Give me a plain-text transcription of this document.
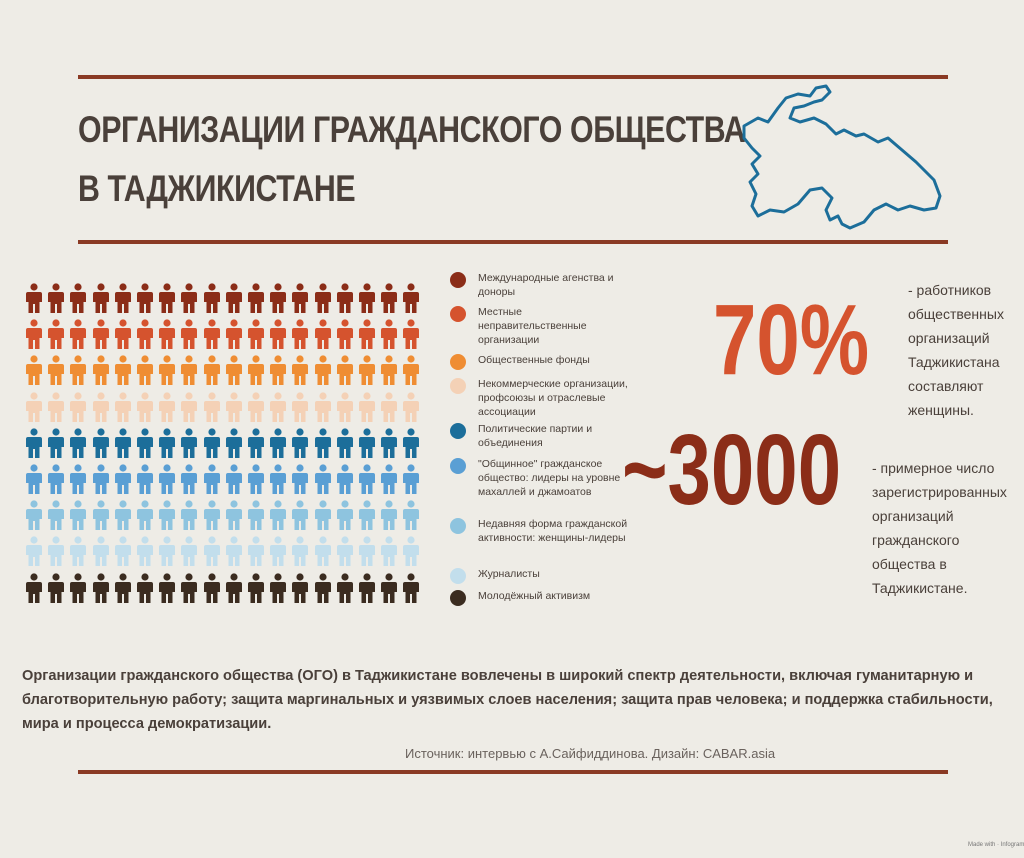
ОРГАНИЗАЦИИ ГРАЖДАНСКОГО ОБЩЕСТВА
В ТАДЖИКИСТАНЕ
Международные агенства и доноры
Местные неправительственные организации
Общественные фонды
Некоммерческие организации, профсоюзы и отраслевые ассоциации
Политические партии и объединения
"Общинное" гражданское общество: лидеры на уровне махаллей и джамоатов
Недавняя форма гражданской активности: женщины-лидеры
Журналисты
Молодёжный активизм
70%	- работников
общественных
организаций
Таджикистана
составляют
женщины.
~3000 - примерное число
зарегистрированных
организаций
гражданского
общества в
Таджикистане.
Организации гражданского общества (ОГО) в Таджикистане вовлечены в широкий спектр деятельности, включая гуманитарную и благотворительную работу; защита маргинальных и уязвимых слоев населения; защита прав человека; и поддержка стабильности, мира и процесса демократизации.
Источник: интервью с А.Сайфиддинова. Дизайн: CABAR.asia
Made with · Infogram
